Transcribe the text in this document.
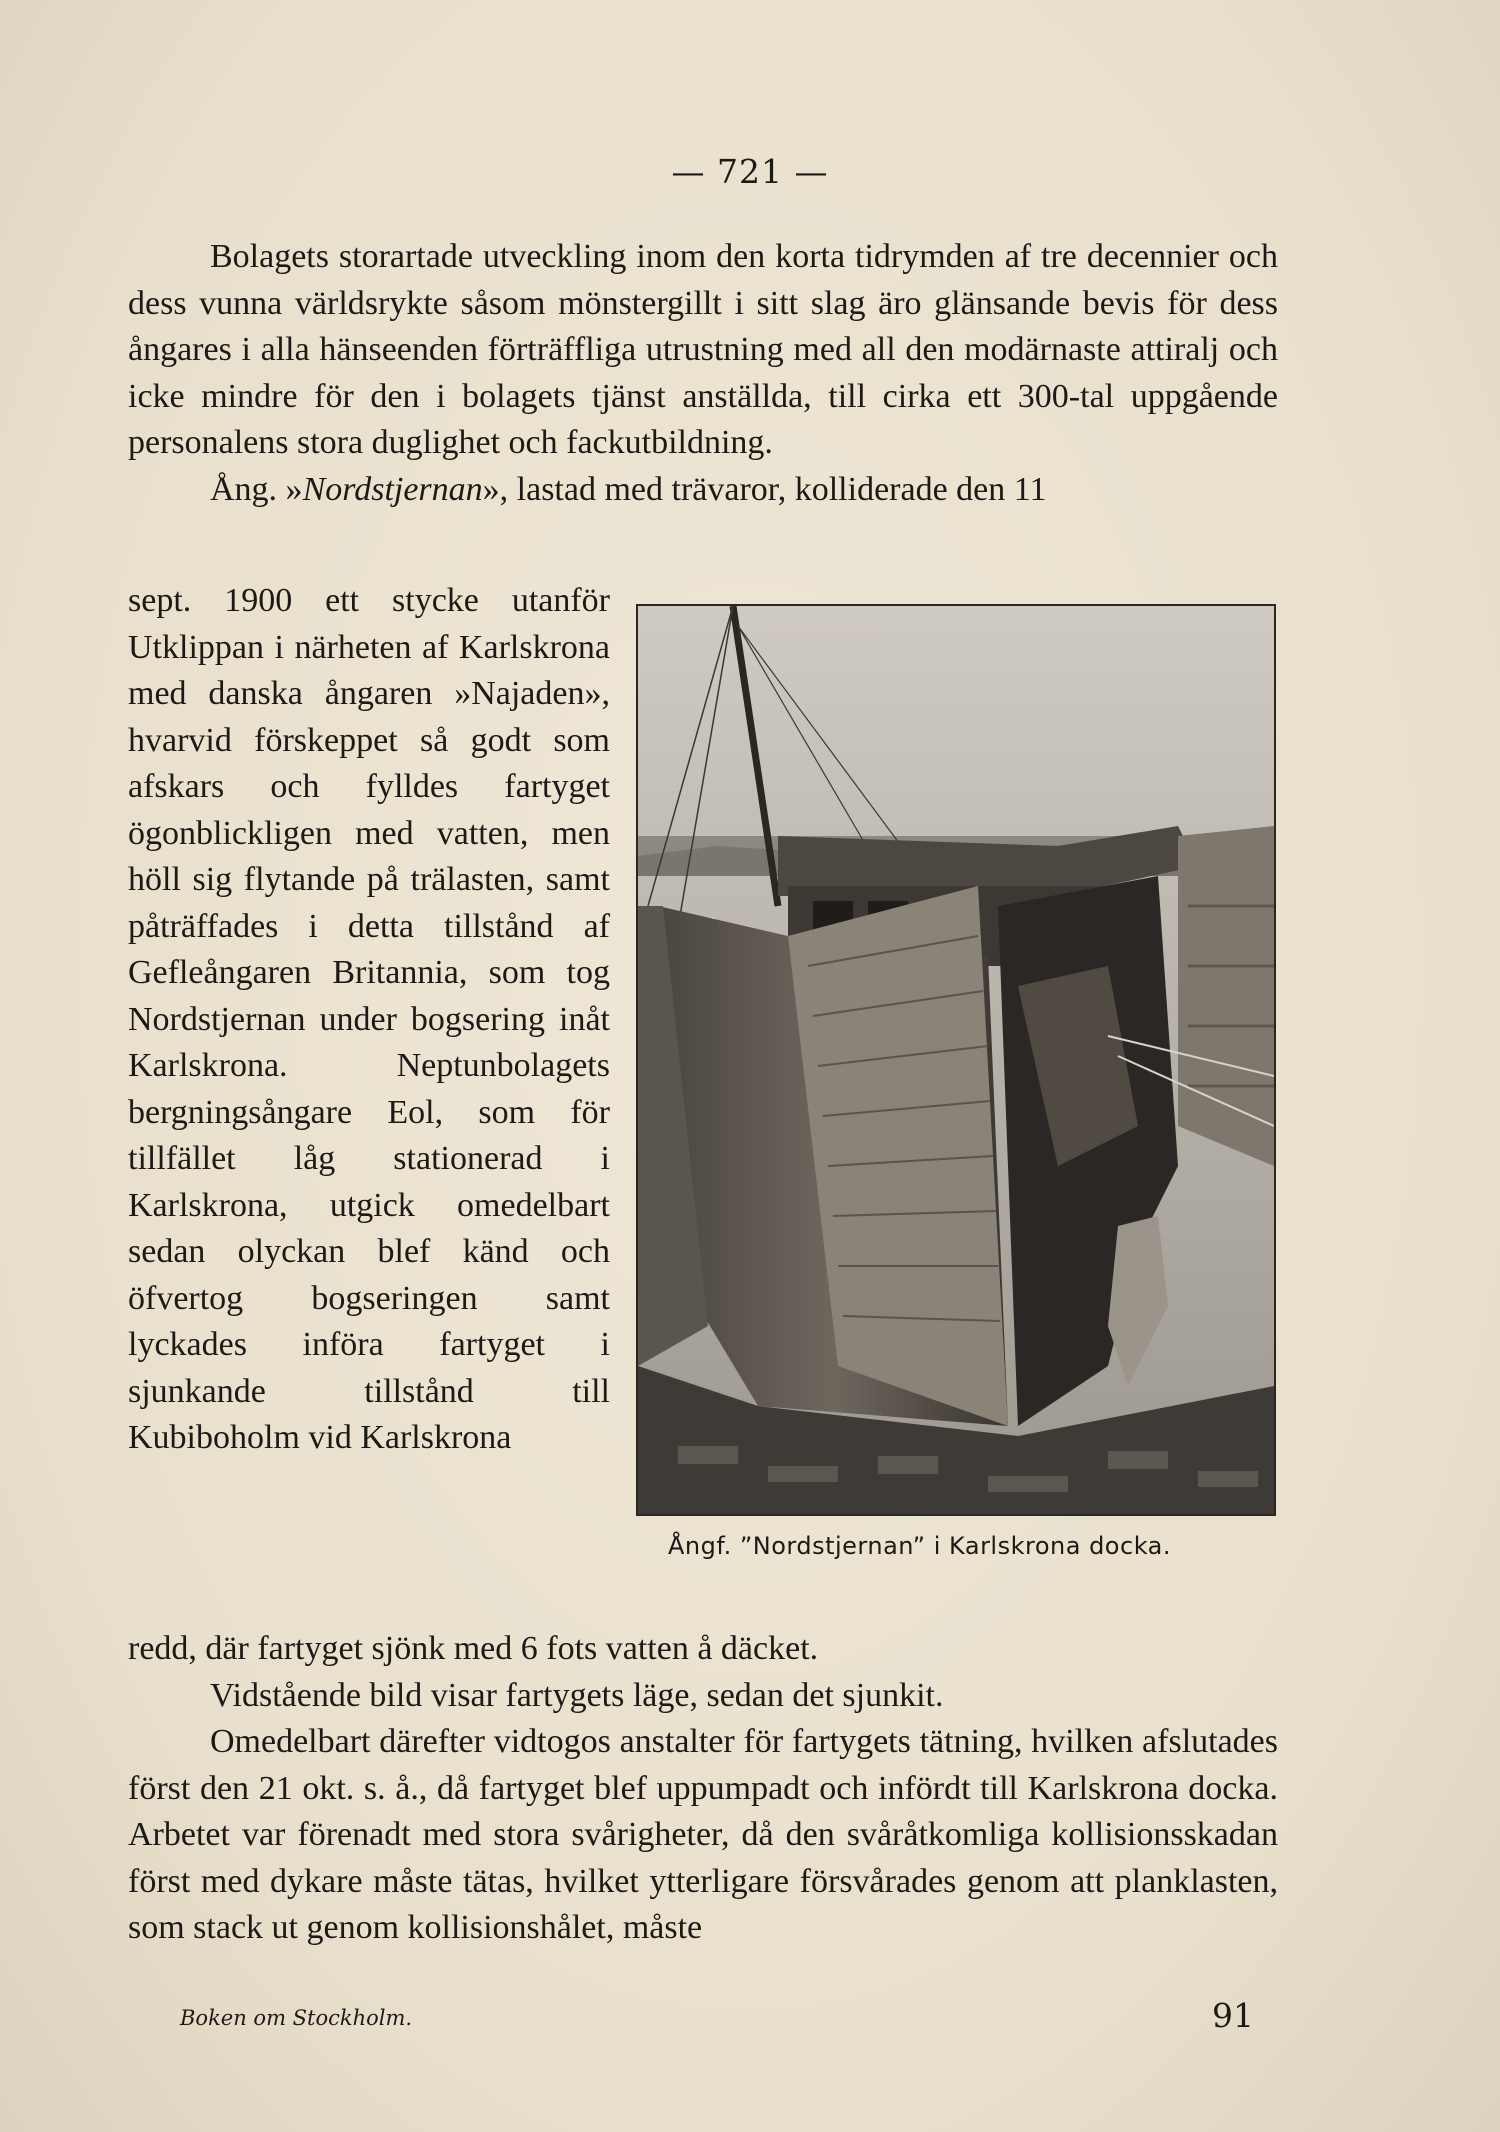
— 721 —

Bolagets storartade utveckling inom den korta tidrymden af tre decennier och dess vunna världsrykte såsom mönstergillt i sitt slag äro glänsande bevis för dess ångares i alla hänseenden förträffliga utrustning med all den modärnaste attiralj och icke mindre för den i bolagets tjänst anställda, till cirka ett 300-tal uppgående personalens stora duglighet och fackutbildning.

Ång. »Nordstjernan», lastad med trävaror, kolliderade den 11

sept. 1900 ett stycke utanför Utklippan i närheten af Karlskrona med danska ångaren »Najaden», hvarvid förskeppet så godt som afskars och fylldes fartyget ögonblickligen med vatten, men höll sig flytande på trälasten, samt påträffades i detta tillstånd af Gefleångaren Britannia, som tog Nordstjernan under bogsering inåt Karlskrona. Neptunbolagets bergningsångare Eol, som för tillfället låg stationerad i Karlskrona, utgick omedelbart sedan olyckan blef känd och öfvertog bogseringen samt lyckades införa fartyget i sjunkande tillstånd till Kubiboholm vid Karlskrona
Ångf. ”Nordstjernan” i Karlskrona docka.

redd, där fartyget sjönk med 6 fots vatten å däcket.

Vidstående bild visar fartygets läge, sedan det sjunkit.

Omedelbart därefter vidtogos anstalter för fartygets tätning, hvilken afslutades först den 21 okt. s. å., då fartyget blef uppumpadt och infördt till Karlskrona docka. Arbetet var förenadt med stora svårigheter, då den svåråtkomliga kollisionsskadan först med dykare måste tätas, hvilket ytterligare försvårades genom att planklasten, som stack ut genom kollisionshålet, måste

Boken om Stockholm.	91
